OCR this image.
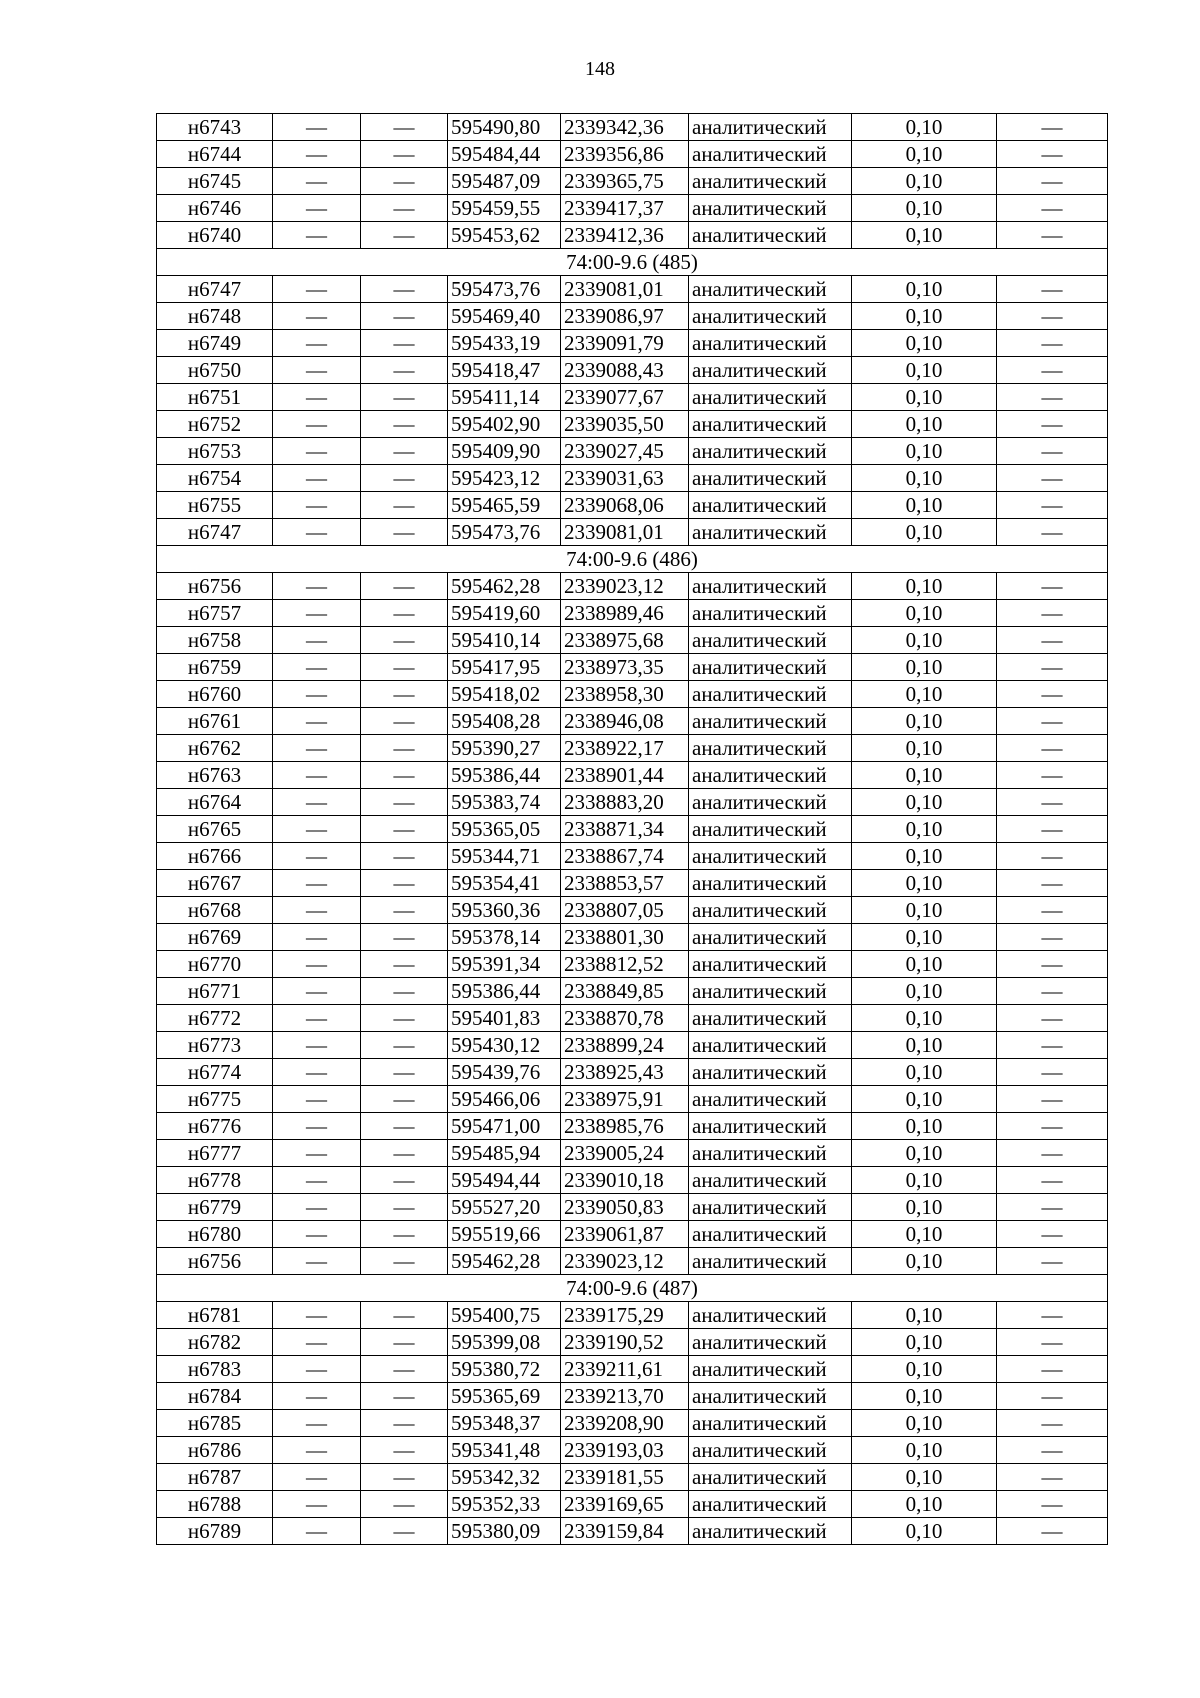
148
н6743	—	—	595490,80	2339342,36	аналитический	0,10	—
н6744	—	—	595484,44	2339356,86	аналитический	0,10	—
н6745	—	—	595487,09	2339365,75	аналитический	0,10	—
н6746	—	—	595459,55	2339417,37	аналитический	0,10	—
н6740	—	—	595453,62	2339412,36	аналитический	0,10	—
74:00-9.6 (485)							
н6747	—	—	595473,76	2339081,01	аналитический	0,10	—
н6748	—	—	595469,40	2339086,97	аналитический	0,10	—
н6749	—	—	595433,19	2339091,79	аналитический	0,10	—
н6750	—	—	595418,47	2339088,43	аналитический	0,10	—
н6751	—	—	595411,14	2339077,67	аналитический	0,10	—
н6752	—	—	595402,90	2339035,50	аналитический	0,10	—
н6753	—	—	595409,90	2339027,45	аналитический	0,10	—
н6754	—	—	595423,12	2339031,63	аналитический	0,10	—
н6755	—	—	595465,59	2339068,06	аналитический	0,10	—
н6747	—	—	595473,76	2339081,01	аналитический	0,10	—
74:00-9.6 (486)							
н6756	—	—	595462,28	2339023,12	аналитический	0,10	—
н6757	—	—	595419,60	2338989,46	аналитический	0,10	—
н6758	—	—	595410,14	2338975,68	аналитический	0,10	—
н6759	—	—	595417,95	2338973,35	аналитический	0,10	—
н6760	—	—	595418,02	2338958,30	аналитический	0,10	—
н6761	—	—	595408,28	2338946,08	аналитический	0,10	—
н6762	—	—	595390,27	2338922,17	аналитический	0,10	—
н6763	—	—	595386,44	2338901,44	аналитический	0,10	—
н6764	—	—	595383,74	2338883,20	аналитический	0,10	—
н6765	—	—	595365,05	2338871,34	аналитический	0,10	—
н6766	—	—	595344,71	2338867,74	аналитический	0,10	—
н6767	—	—	595354,41	2338853,57	аналитический	0,10	—
н6768	—	—	595360,36	2338807,05	аналитический	0,10	—
н6769	—	—	595378,14	2338801,30	аналитический	0,10	—
н6770	—	—	595391,34	2338812,52	аналитический	0,10	—
н6771	—	—	595386,44	2338849,85	аналитический	0,10	—
н6772	—	—	595401,83	2338870,78	аналитический	0,10	—
н6773	—	—	595430,12	2338899,24	аналитический	0,10	—
н6774	—	—	595439,76	2338925,43	аналитический	0,10	—
н6775	—	—	595466,06	2338975,91	аналитический	0,10	—
н6776	—	—	595471,00	2338985,76	аналитический	0,10	—
н6777	—	—	595485,94	2339005,24	аналитический	0,10	—
н6778	—	—	595494,44	2339010,18	аналитический	0,10	—
н6779	—	—	595527,20	2339050,83	аналитический	0,10	—
н6780	—	—	595519,66	2339061,87	аналитический	0,10	—
н6756	—	—	595462,28	2339023,12	аналитический	0,10	—
74:00-9.6 (487)							
н6781	—	—	595400,75	2339175,29	аналитический	0,10	—
н6782	—	—	595399,08	2339190,52	аналитический	0,10	—
н6783	—	—	595380,72	2339211,61	аналитический	0,10	—
н6784	—	—	595365,69	2339213,70	аналитический	0,10	—
н6785	—	—	595348,37	2339208,90	аналитический	0,10	—
н6786	—	—	595341,48	2339193,03	аналитический	0,10	—
н6787	—	—	595342,32	2339181,55	аналитический	0,10	—
н6788	—	—	595352,33	2339169,65	аналитический	0,10	—
н6789	—	—	595380,09	2339159,84	аналитический	0,10	—
